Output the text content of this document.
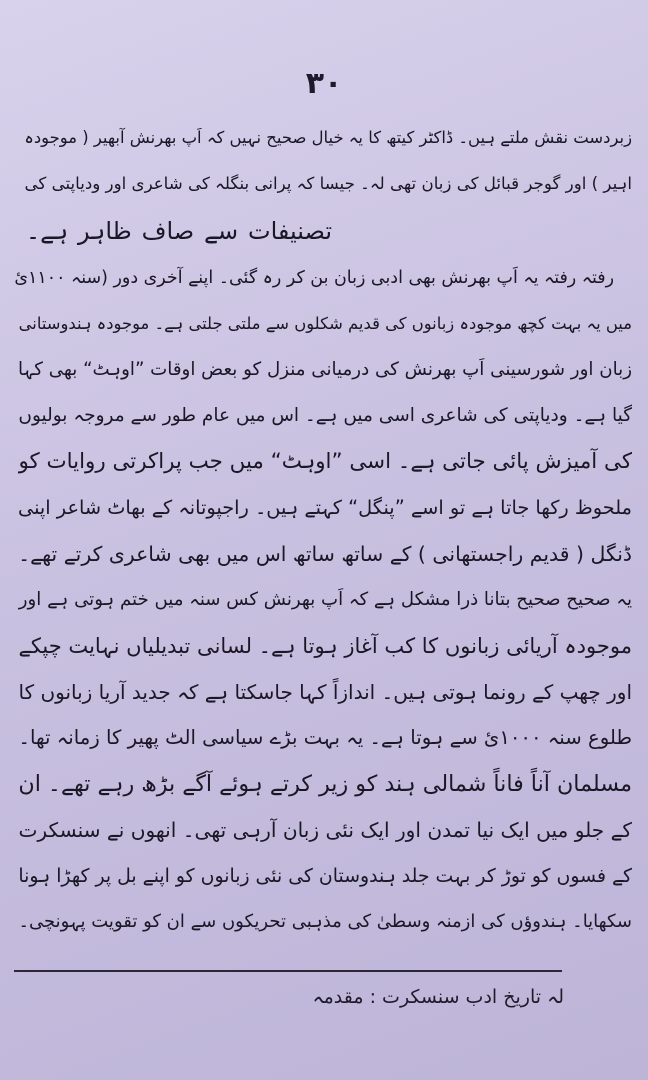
۳۰
زبردست نقش ملتے ہیں۔ ڈاکٹر کیتھ کا یہ خیال صحیح نہیں کہ اَپ بھرنش آبھیر ( موجودہ
اہیر ) اور گوجر قبائل کی زبان تھی لہ۔ جیسا کہ پرانی بنگلہ کی شاعری اور ودیاپتی کی
تصنیفات سے صاف ظاہر ہے۔
رفتہ رفتہ یہ اَپ بھرنش بھی ادبی زبان بن کر رہ گئی۔ اپنے آخری دور (سنہ ۱۱۰۰ئ
میں یہ بہت کچھ موجودہ زبانوں کی قدیم شکلوں سے ملتی جلتی ہے۔ موجودہ ہندوستانی
زبان اور شورسینی اَپ بھرنش کی درمیانی منزل کو بعض اوقات ”اوہٹ“ بھی کہا
گیا ہے۔ ودیاپتی کی شاعری اسی میں ہے۔ اس میں عام طور سے مروجہ بولیوں
کی آمیزش پائی جاتی ہے۔ اسی ”اوہٹ“ میں جب پراکرتی روایات کو
ملحوظ رکھا جاتا ہے تو اسے ”پنگل“ کہتے ہیں۔ راجپوتانہ کے بھاٹ شاعر اپنی
ڈنگل ( قدیم راجستھانی ) کے ساتھ ساتھ اس میں بھی شاعری کرتے تھے۔
یہ صحیح صحیح بتانا ذرا مشکل ہے کہ اَپ بھرنش کس سنہ میں ختم ہوتی ہے اور
موجودہ آریائی زبانوں کا کب آغاز ہوتا ہے۔ لسانی تبدیلیاں نہایت چپکے
اور چھپ کے رونما ہوتی ہیں۔ اندازاً کہا جاسکتا ہے کہ جدید آریا زبانوں کا
طلوع سنہ ۱۰۰۰ئ سے ہوتا ہے۔ یہ بہت بڑے سیاسی الٹ پھیر کا زمانہ تھا۔
مسلمان آناً فاناً شمالی ہند کو زیر کرتے ہوئے آگے بڑھ رہے تھے۔ ان
کے جلو میں ایک نیا تمدن اور ایک نئی زبان آرہی تھی۔ انھوں نے سنسکرت
کے فسوں کو توڑ کر بہت جلد ہندوستان کی نئی زبانوں کو اپنے بل پر کھڑا ہونا
سکھایا۔ ہندوؤں کی ازمنہ وسطیٰ کی مذہبی تحریکوں سے ان کو تقویت پہونچی۔
لہ تاریخ ادب سنسکرت : مقدمہ
